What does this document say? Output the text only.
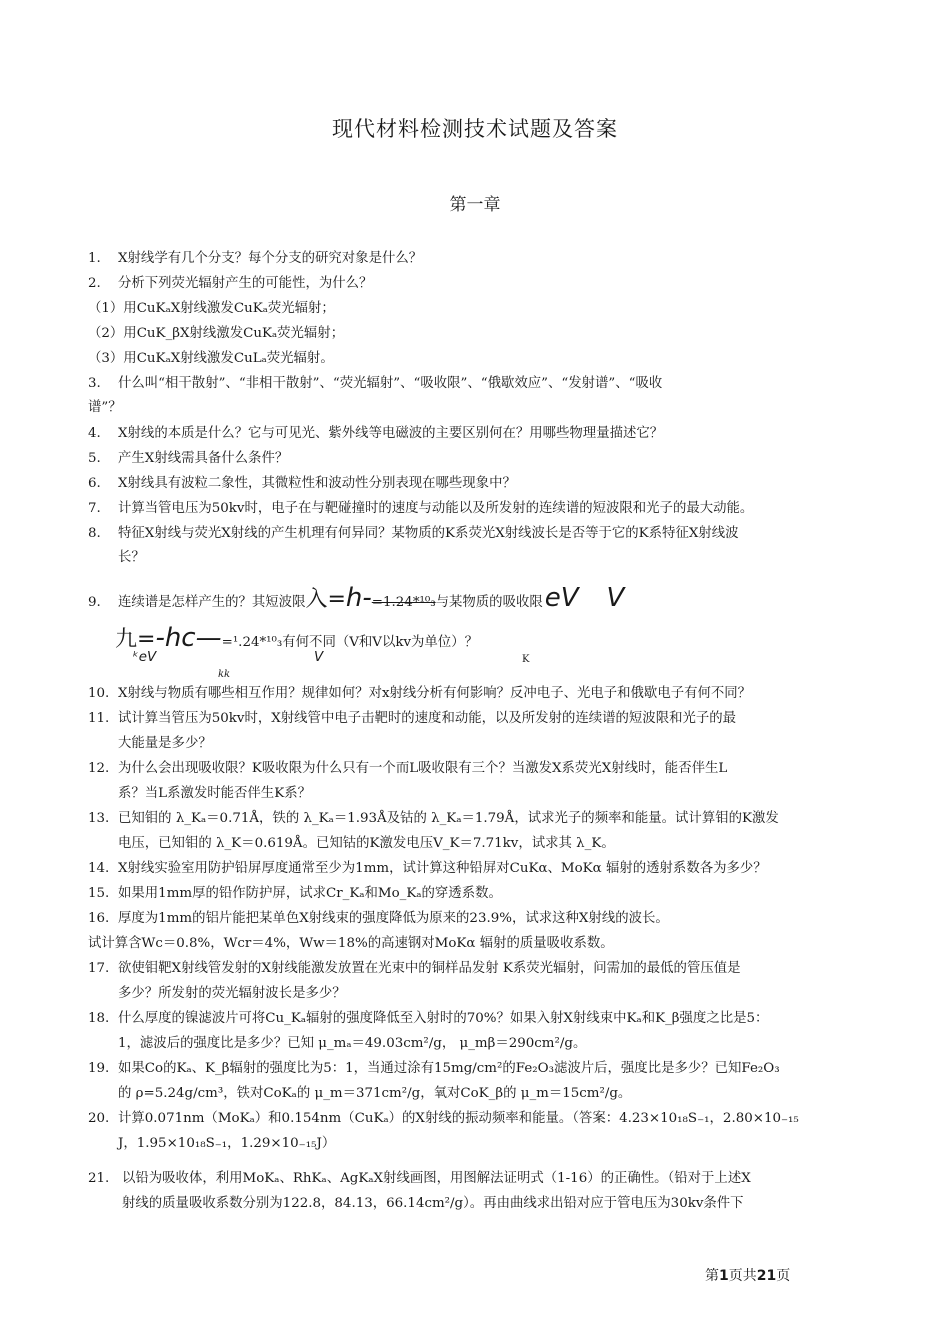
现代材料检测技术试题及答案
第一章
1. X射线学有几个分支？每个分支的研究对象是什么？
2. 分析下列荧光辐射产生的可能性，为什么？
（1）用CuKₐX射线激发CuKₐ荧光辐射；
（2）用CuK_βX射线激发CuKₐ荧光辐射；
（3）用CuKₐX射线激发CuLₐ荧光辐射。
3. 什么叫“相干散射”、“非相干散射”、“荧光辐射”、“吸收限”、“俄歇效应”、“发射谱”、“吸收
谱”？
4. X射线的本质是什么？它与可见光、紫外线等电磁波的主要区别何在？用哪些物理量描述它？
5. 产生X射线需具备什么条件？
6. X射线具有波粒二象性，其微粒性和波动性分别表现在哪些现象中？
7. 计算当管电压为50kv时，电子在与靶碰撞时的速度与动能以及所发射的连续谱的短波限和光子的最大动能。
8. 特征X射线与荧光X射线的产生机理有何异同？某物质的K系荧光X射线波长是否等于它的K系特征X射线波
长？
9. 连续谱是怎样产生的？其短波限入=h-=1.24*¹⁰₃与某物质的吸收限eV V
九=-hc—=¹.24*¹⁰₃有何不同（V和V以kv为单位）？
ᵏeV	V	K
kk
10. X射线与物质有哪些相互作用？规律如何？对x射线分析有何影响？反冲电子、光电子和俄歇电子有何不同？
11. 试计算当管压为50kv时，X射线管中电子击靶时的速度和动能，以及所发射的连续谱的短波限和光子的最
大能量是多少？
12. 为什么会出现吸收限？K吸收限为什么只有一个而L吸收限有三个？当激发X系荧光X射线时，能否伴生L
系？当L系激发时能否伴生K系？
13. 已知钼的 λ_Kₐ＝0.71Å，铁的 λ_Kₐ＝1.93Å及钴的 λ_Kₐ＝1.79Å，试求光子的频率和能量。试计算钼的K激发
电压，已知钼的 λ_K＝0.619Å。已知钴的K激发电压V_K＝7.71kv，试求其 λ_K。
14. X射线实验室用防护铅屏厚度通常至少为1mm，试计算这种铅屏对CuKα、MoKα 辐射的透射系数各为多少？
15. 如果用1mm厚的铅作防护屏，试求Cr_Kₐ和Mo_Kₐ的穿透系数。
16. 厚度为1mm的铝片能把某单色X射线束的强度降低为原来的23.9%，试求这种X射线的波长。
试计算含Wc＝0.8%，Wcr＝4%，Ww＝18%的高速钢对MoKα 辐射的质量吸收系数。
17. 欲使钼靶X射线管发射的X射线能激发放置在光束中的铜样品发射 K系荧光辐射，问需加的最低的管压值是
多少？所发射的荧光辐射波长是多少？
18. 什么厚度的镍滤波片可将Cu_Kₐ辐射的强度降低至入射时的70%？如果入射X射线束中Kₐ和K_β强度之比是5：
1，滤波后的强度比是多少？已知 μ_mₐ＝49.03cm²/g， μ_mβ＝290cm²/g。
19. 如果Co的Kₐ、K_β辐射的强度比为5：1，当通过涂有15mg/cm²的Fe₂O₃滤波片后，强度比是多少？已知Fe₂O₃
的 ρ=5.24g/cm³，铁对CoKₐ的 μ_m＝371cm²/g，氧对CoK_β的 μ_m＝15cm²/g。
20. 计算0.071nm（MoKₐ）和0.154nm（CuKₐ）的X射线的振动频率和能量。（答案：4.23×10₁₈S₋₁，2.80×10₋₁₅
J，1.95×10₁₈S₋₁，1.29×10₋₁₅J）
21. 以铅为吸收体，利用MoKₐ、RhKₐ、AgKₐX射线画图，用图解法证明式（1-16）的正确性。（铅对于上述X
射线的质量吸收系数分别为122.8，84.13，66.14cm²/g）。再由曲线求出铅对应于管电压为30kv条件下
第1页共21页
